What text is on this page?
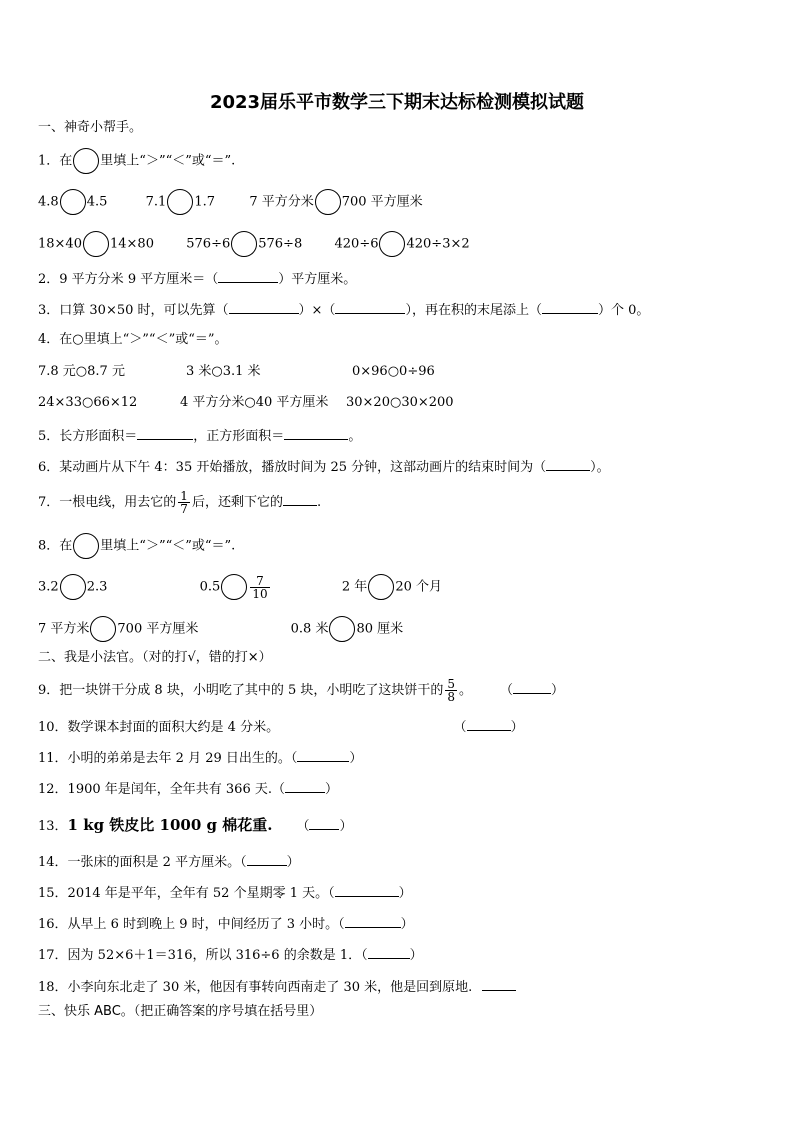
2023届乐平市数学三下期末达标检测模拟试题
一、神奇小帮手。
1．在 里填上“＞”“＜”或“＝”.
4.8 4.5	7.1 1.7	7 平方分米 700 平方厘米
18×40 14×80 576÷6 576÷8 420÷6 420÷3×2
2．9 平方分米 9 平方厘米＝（	）平方厘米。
3．口算 30×50 时，可以先算（	）×（	），再在积的末尾添上（	）个 0。
4．在○里填上“＞”“＜”或“＝”。
7.8 元○8.7 元	3 米○3.1 米	0×96○0÷96
24×33○66×12	4 平方分米○40 平方厘米 30×20○30×200
5．长方形面积＝	，正方形面积＝	。
6．某动画片从下午 4：35 开始播放，播放时间为 25 分钟，这部动画片的结束时间为（	）。
7．一根电线，用去它的 $\frac{1}{7}$ 后，还剩下它的	.
8．在 里填上“＞”“＜”或“＝”.
3.2 2.3	0.5	$\frac{7}{10}$	2 年 20 个月
7 平方米 700 平方厘米	0.8 米 80 厘米
二、我是小法官。（对的打√，错的打×）
9．把一块饼干分成 8 块，小明吃了其中的 5 块，小明吃了这块饼干的 $\frac{5}{8}$ 。 （	）
10．数学课本封面的面积大约是 4 分米。	（	）
11．小明的弟弟是去年 2 月 29 日出生的。（	）
12．1900 年是闰年，全年共有 366 天.（	）
13．1 kg 铁皮比 1000 g 棉花重. （ ）
14．一张床的面积是 2 平方厘米。（	）
15．2014 年是平年，全年有 52 个星期零 1 天。（	）
16．从早上 6 时到晚上 9 时，中间经历了 3 小时。（	）
17．因为 52×6＋1＝316，所以 316÷6 的余数是 1．（	）
18．小李向东北走了 30 米，他因有事转向西南走了 30 米，他是回到原地.
三、快乐 ABC。（把正确答案的序号填在括号里）
